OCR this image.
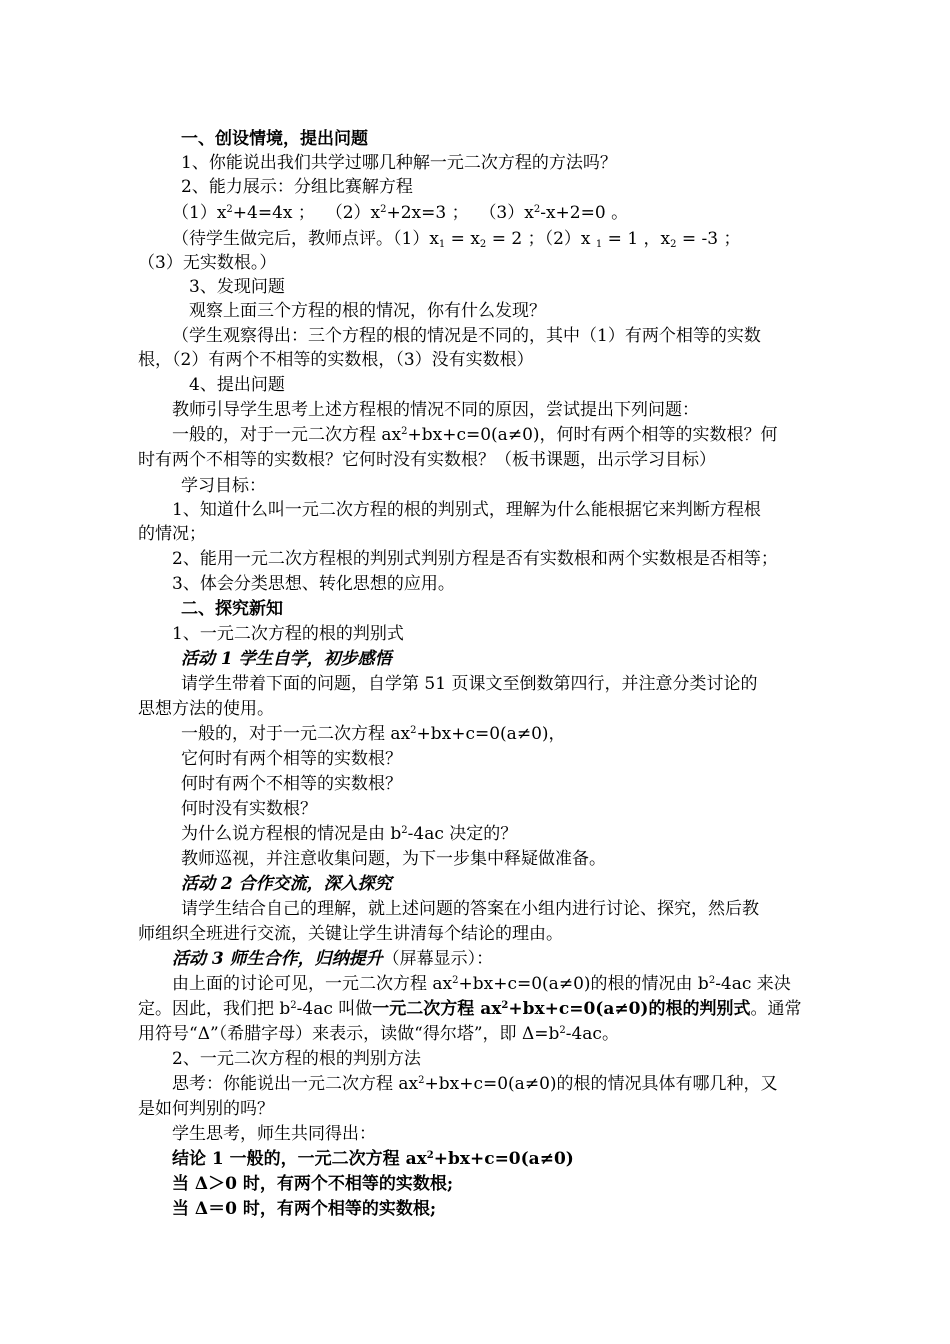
一、创设情境，提出问题
1、你能说出我们共学过哪几种解一元二次方程的方法吗？
2、能力展示：分组比赛解方程
$(1)x^2+4=4x$ ； $(2)x^2+2x=3$ ； $(3)x^2-x+2=0$ 。
（待学生做完后，教师点评。$(1)x_1 = x_2 = 2$ ；（2）x $_1$ = 1 ，$x_2 = -3$ ；
（3）无实数根。）
3、发现问题
观察上面三个方程的根的情况，你有什么发现？
（学生观察得出：三个方程的根的情况是不同的，其中（1）有两个相等的实数
根，（2）有两个不相等的实数根，（3）没有实数根）
4、提出问题
教师引导学生思考上述方程根的情况不同的原因，尝试提出下列问题：
一般的，对于一元二次方程 $ax^2+bx+c=0(a\ne 0)$，何时有两个相等的实数根？何
时有两个不相等的实数根？它何时没有实数根？（板书课题，出示学习目标）
学习目标：
1、知道什么叫一元二次方程的根的判别式，理解为什么能根据它来判断方程根
的情况；
2、能用一元二次方程根的判别式判别方程是否有实数根和两个实数根是否相等；
3、体会分类思想、转化思想的应用。
二、探究新知
1、一元二次方程的根的判别式
活动 1 学生自学，初步感悟
请学生带着下面的问题，自学第 51 页课文至倒数第四行，并注意分类讨论的
思想方法的使用。
一般的，对于一元二次方程 $ax^2+bx+c=0(a\ne 0)$，
它何时有两个相等的实数根？
何时有两个不相等的实数根？
何时没有实数根？
为什么说方程根的情况是由 $b^2-4ac$ 决定的？
教师巡视，并注意收集问题，为下一步集中释疑做准备。
活动 2 合作交流，深入探究
请学生结合自己的理解，就上述问题的答案在小组内进行讨论、探究，然后教
师组织全班进行交流，关键让学生讲清每个结论的理由。
活动 3 师生合作，归纳提升（屏幕显示）：
由上面的讨论可见，一元二次方程 $ax^2+bx+c=0(a\ne 0)$的根的情况由 $b^2-4ac$ 来决
定。因此，我们把 $b^2-4ac$ 叫做一元二次方程 $ax^2+bx+c=0(a\ne 0)$的根的判别式。通常
用符号“Δ”（希腊字母）来表示，读做“得尔塔”，即 $\Delta=b^2-4ac$。
2、一元二次方程的根的判别方法
思考：你能说出一元二次方程 $ax^2+bx+c=0(a\ne 0)$的根的情况具体有哪几种，又
是如何判别的吗？
学生思考，师生共同得出：
结论 1 一般的，一元二次方程 $ax^2+bx+c=0(a\ne 0)$
当 Δ＞0 时，有两个不相等的实数根;
当 Δ＝0 时，有两个相等的实数根;
